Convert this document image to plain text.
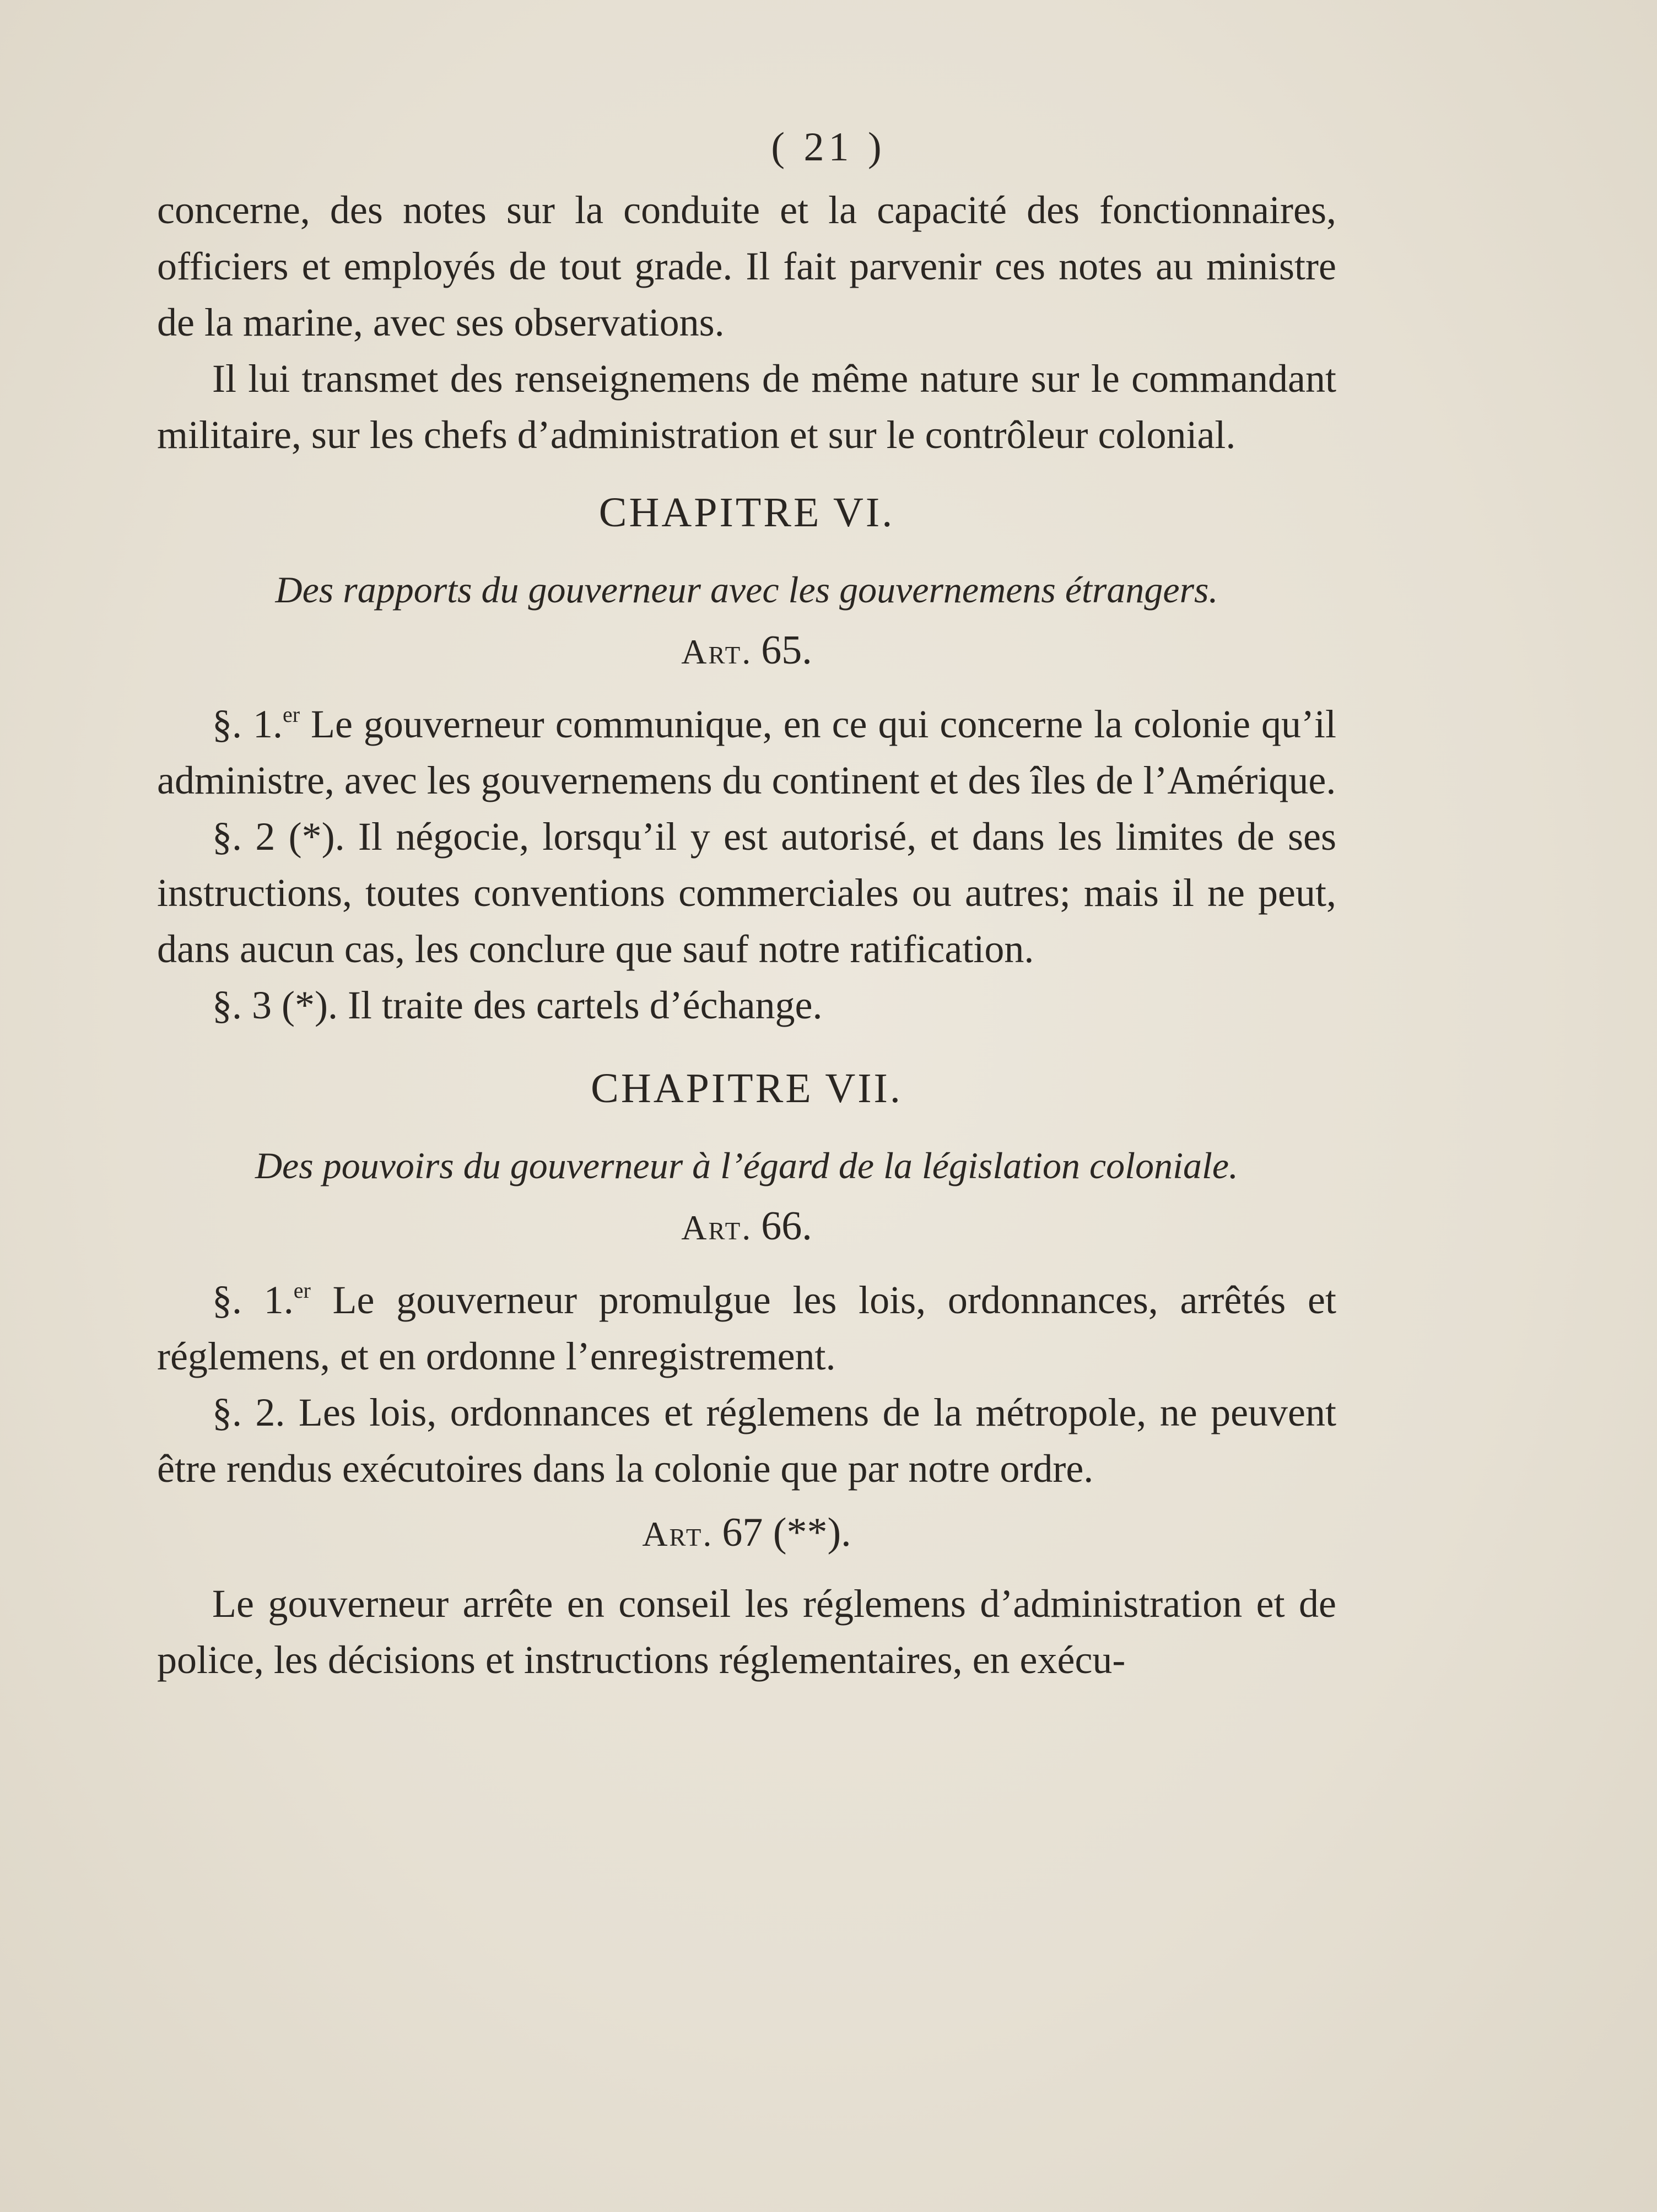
( 21 )

concerne, des notes sur la conduite et la capacité des fonctionnaires, officiers et employés de tout grade. Il fait parvenir ces notes au ministre de la marine, avec ses observations.

Il lui transmet des renseignemens de même nature sur le commandant militaire, sur les chefs d’administration et sur le contrôleur colonial.

CHAPITRE VI.
Des rapports du gouverneur avec les gouvernemens étrangers.
Art. 65.

§. 1.$^{er}$ Le gouverneur communique, en ce qui concerne la colonie qu’il administre, avec les gouvernemens du continent et des îles de l’Amérique.

§. 2 (*). Il négocie, lorsqu’il y est autorisé, et dans les limites de ses instructions, toutes conventions commerciales ou autres; mais il ne peut, dans aucun cas, les conclure que sauf notre ratification.

§. 3 (*). Il traite des cartels d’échange.

CHAPITRE VII.
Des pouvoirs du gouverneur à l’égard de la législation coloniale.
Art. 66.

§. 1.$^{er}$ Le gouverneur promulgue les lois, ordonnances, arrêtés et réglemens, et en ordonne l’enregistrement.

§. 2. Les lois, ordonnances et réglemens de la métropole, ne peuvent être rendus exécutoires dans la colonie que par notre ordre.

Art. 67 (**).

Le gouverneur arrête en conseil les réglemens d’administration et de police, les décisions et instructions réglementaires, en exécu-
